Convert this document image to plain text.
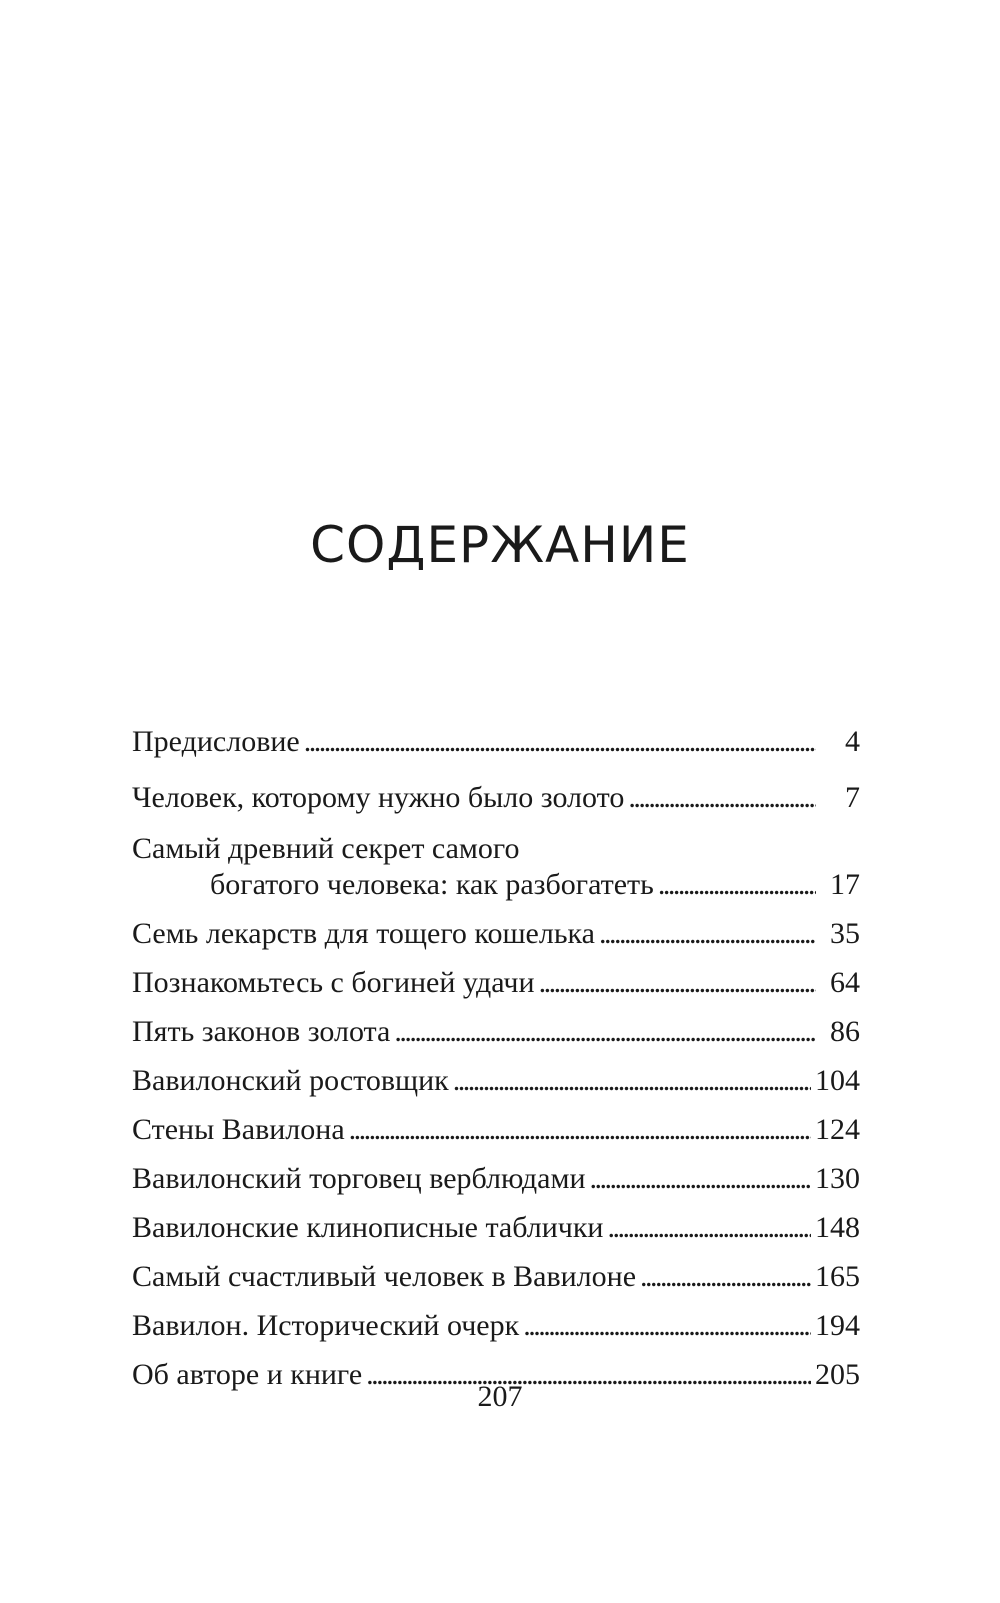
СОДЕРЖАНИЕ
Предисловие . . .	4
Человек, которому нужно было золото . . .	7
Самый древний секрет самого
богатого человека: как разбогатеть . . .	17
Семь лекарств для тощего кошелька . . .	35
Познакомьтесь с богиней удачи . . .	64
Пять законов золота . . .	86
Вавилонский ростовщик . . .	104
Стены Вавилона . . .	124
Вавилонский торговец верблюдами . . .	130
Вавилонские клинописные таблички . . .	148
Самый счастливый человек в Вавилоне . . .	165
Вавилон. Исторический очерк . . .	194
Об авторе и книге . . .	205
207
